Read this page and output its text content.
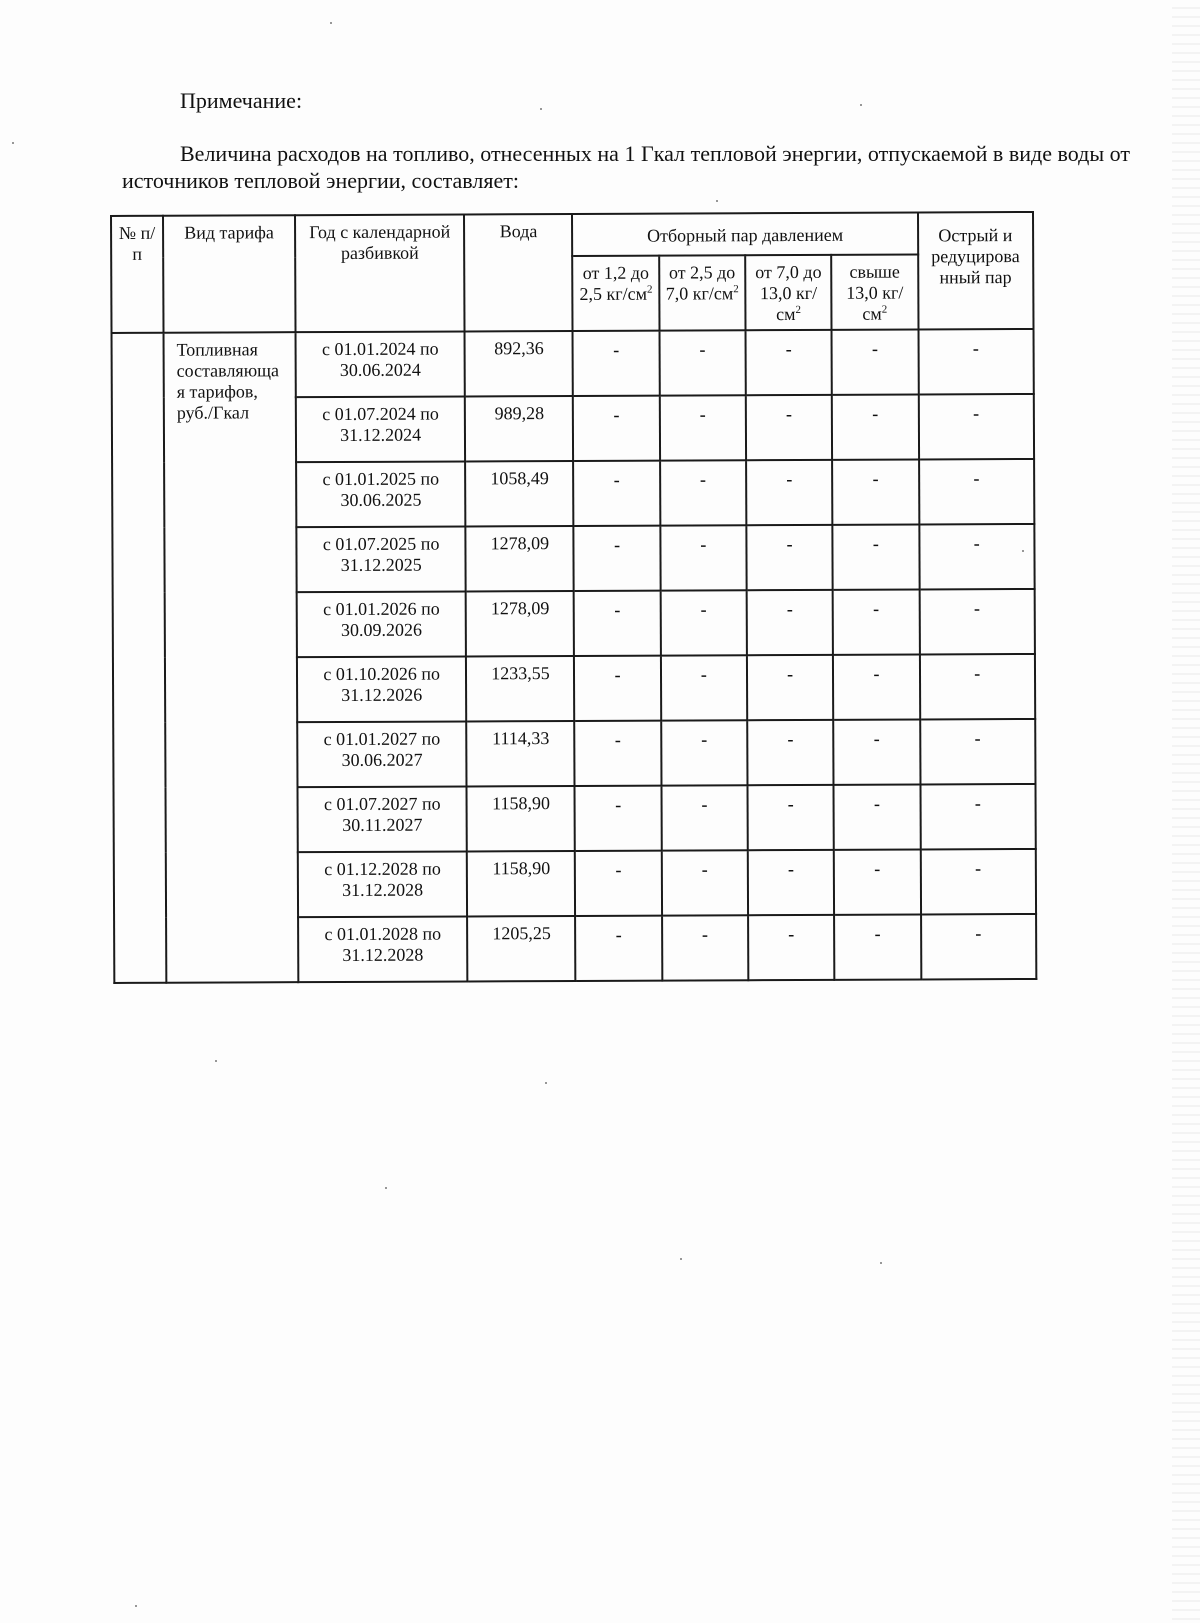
Примечание:
Величина расходов на топливо, отнесенных на 1 Гкал тепловой энергии, отпускаемой в виде воды от источников тепловой энергии, составляет:
№ п/п	Вид тарифа	Год с календарной разбивкой	Вода	Отборный пар давлением				Острый и редуцирова нный пар
				от 1,2 до 2,5 $кг/см^2$	от 2,5 до 7,0 $кг/см^2$	от 7,0 до 13,0 $кг/см^2$	свыше 13,0 $кг/см^2$
	Топливная составляюща я тарифов, руб./Гкал	с 01.01.2024 по 30.06.2024	892,36	-	-	-	-	-
		с 01.07.2024 по 31.12.2024	989,28	-	-	-	-	-
		с 01.01.2025 по 30.06.2025	1058,49	-	-	-	-	-
		с 01.07.2025 по 31.12.2025	1278,09	-	-	-	-	-
		с 01.01.2026 по 30.09.2026	1278,09	-	-	-	-	-
		с 01.10.2026 по 31.12.2026	1233,55	-	-	-	-	-
		с 01.01.2027 по 30.06.2027	1114,33	-	-	-	-	-
		с 01.07.2027 по 30.11.2027	1158,90	-	-	-	-	-
		с 01.12.2028 по 31.12.2028	1158,90	-	-	-	-	-
		с 01.01.2028 по 31.12.2028	1205,25	-	-	-	-	-
